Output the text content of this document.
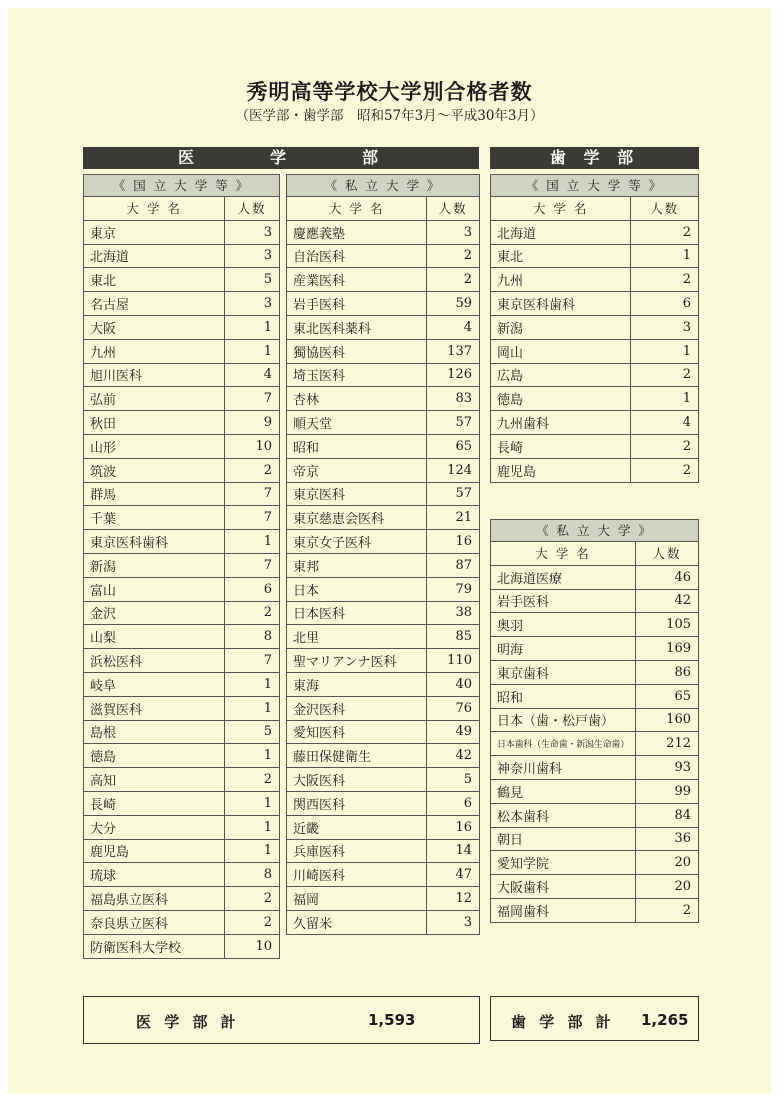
秀明高等学校大学別合格者数
（医学部・歯学部　昭和57年3月～平成30年3月）
医	学	部	歯 学 部
《 国 立 大 学 等 》	《 私 立 大 学 》	《 国 立 大 学 等 》
《 私 立 大 学 》
大 学 名	人数
東京	3
北海道	3
東北	5
名古屋	3
大阪	1
九州	1
旭川医科	4
弘前	7
秋田	9
山形	10
筑波	2
群馬	7
千葉	7
東京医科歯科	1
新潟	7
富山	6
金沢	2
山梨	8
浜松医科	7
岐阜	1
滋賀医科	1
島根	5
徳島	1
高知	2
長崎	1
大分	1
鹿児島	1
琉球	8
福島県立医科	2
奈良県立医科	2
防衛医科大学校	10
大 学 名	人数
慶應義塾	3
自治医科	2
産業医科	2
岩手医科	59
東北医科薬科	4
獨協医科	137
埼玉医科	126
杏林	83
順天堂	57
昭和	65
帝京	124
東京医科	57
東京慈恵会医科	21
東京女子医科	16
東邦	87
日本	79
日本医科	38
北里	85
聖マリアンナ医科	110
東海	40
金沢医科	76
愛知医科	49
藤田保健衛生	42
大阪医科	5
関西医科	6
近畿	16
兵庫医科	14
川崎医科	47
福岡	12
久留米	3
大 学 名	人数
北海道	2
東北	1
九州	2
東京医科歯科	6
新潟	3
岡山	1
広島	2
徳島	1
九州歯科	4
長崎	2
鹿児島	2
大 学 名	人数
北海道医療	46
岩手医科	42
奥羽	105
明海	169
東京歯科	86
昭和	65
日本（歯・松戸歯）	160
日本歯科（生命歯・新潟生命歯）	212
神奈川歯科	93
鶴見	99
松本歯科	84
朝日	36
愛知学院	20
大阪歯科	20
福岡歯科	2
医 学 部 計	1,593	歯 学 部 計 1,265
